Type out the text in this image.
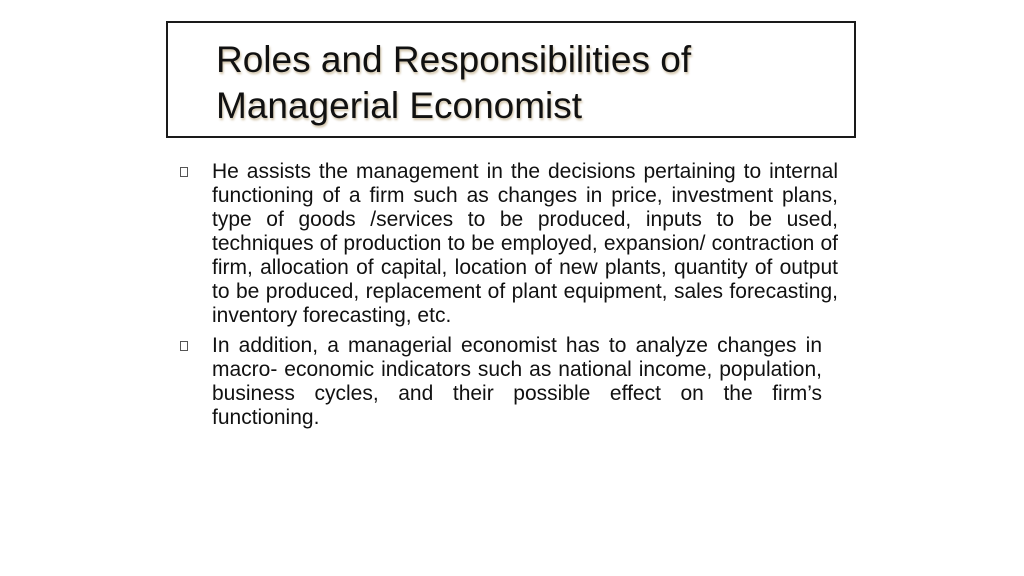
Roles and Responsibilities of
Managerial Economist
He assists the management in the decisions pertaining to internal functioning of a firm such as changes in price, investment plans, type of goods /services to be produced, inputs to be used, techniques of production to be employed, expansion/ contraction of firm, allocation of capital, location of new plants, quantity of output to be produced, replacement of plant equipment, sales forecasting, inventory forecasting, etc.
In addition, a managerial economist has to analyze changes in macro- economic indicators such as national income, population, business cycles, and their possible effect on the firm’s functioning.
